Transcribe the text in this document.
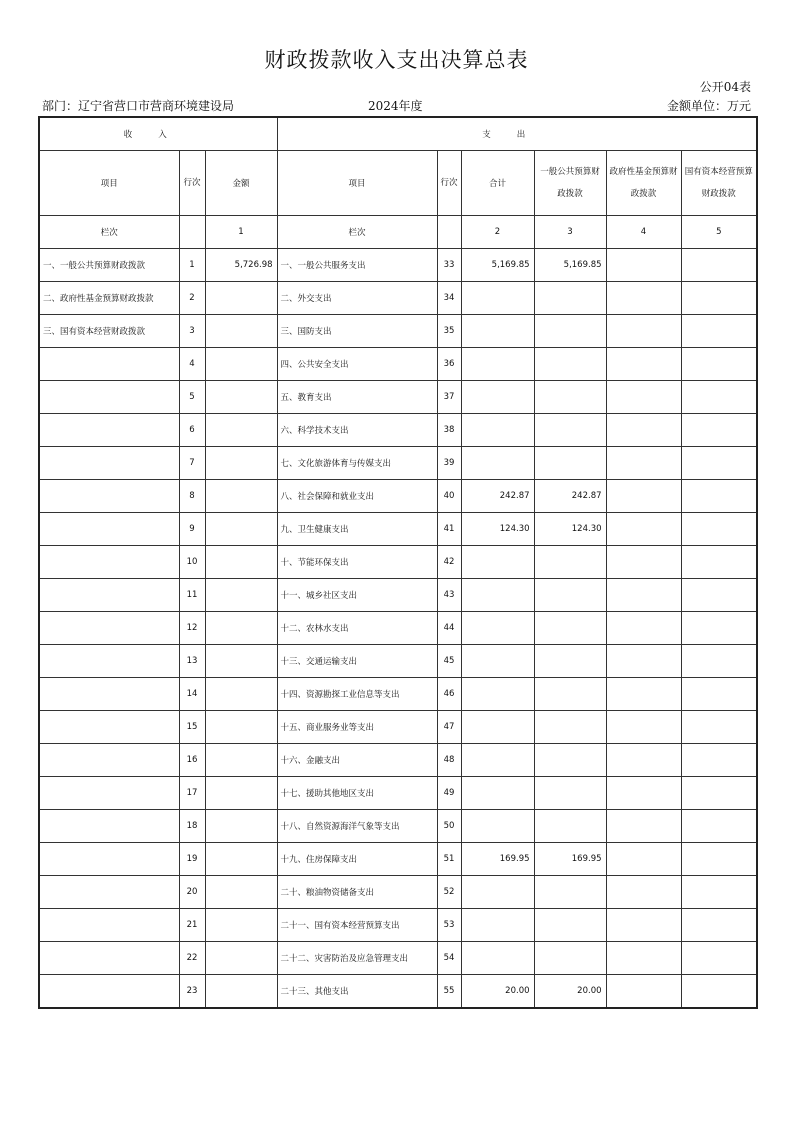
财政拨款收入支出决算总表
公开04表
部门：辽宁省营口市营商环境建设局	2024年度	金额单位：万元
收入			支出					
项目	行次	金额	项目	行次	合计	一般公共预算财政拨款	政府性基金预算财政拨款	国有资本经营预算财政拨款
栏次		1	栏次		2	3	4	5
一、一般公共预算财政拨款	1	5,726.98	一、一般公共服务支出	33	5,169.85	5,169.85		
二、政府性基金预算财政拨款	2		二、外交支出	34				
三、国有资本经营财政拨款	3		三、国防支出	35				
	4		四、公共安全支出	36				
	5		五、教育支出	37				
	6		六、科学技术支出	38				
	7		七、文化旅游体育与传媒支出	39				
	8		八、社会保障和就业支出	40	242.87	242.87		
	9		九、卫生健康支出	41	124.30	124.30		
	10		十、节能环保支出	42				
	11		十一、城乡社区支出	43				
	12		十二、农林水支出	44				
	13		十三、交通运输支出	45				
	14		十四、资源勘探工业信息等支出	46				
	15		十五、商业服务业等支出	47				
	16		十六、金融支出	48				
	17		十七、援助其他地区支出	49				
	18		十八、自然资源海洋气象等支出	50				
	19		十九、住房保障支出	51	169.95	169.95		
	20		二十、粮油物资储备支出	52				
	21		二十一、国有资本经营预算支出	53				
	22		二十二、灾害防治及应急管理支出	54				
	23		二十三、其他支出	55	20.00	20.00		
